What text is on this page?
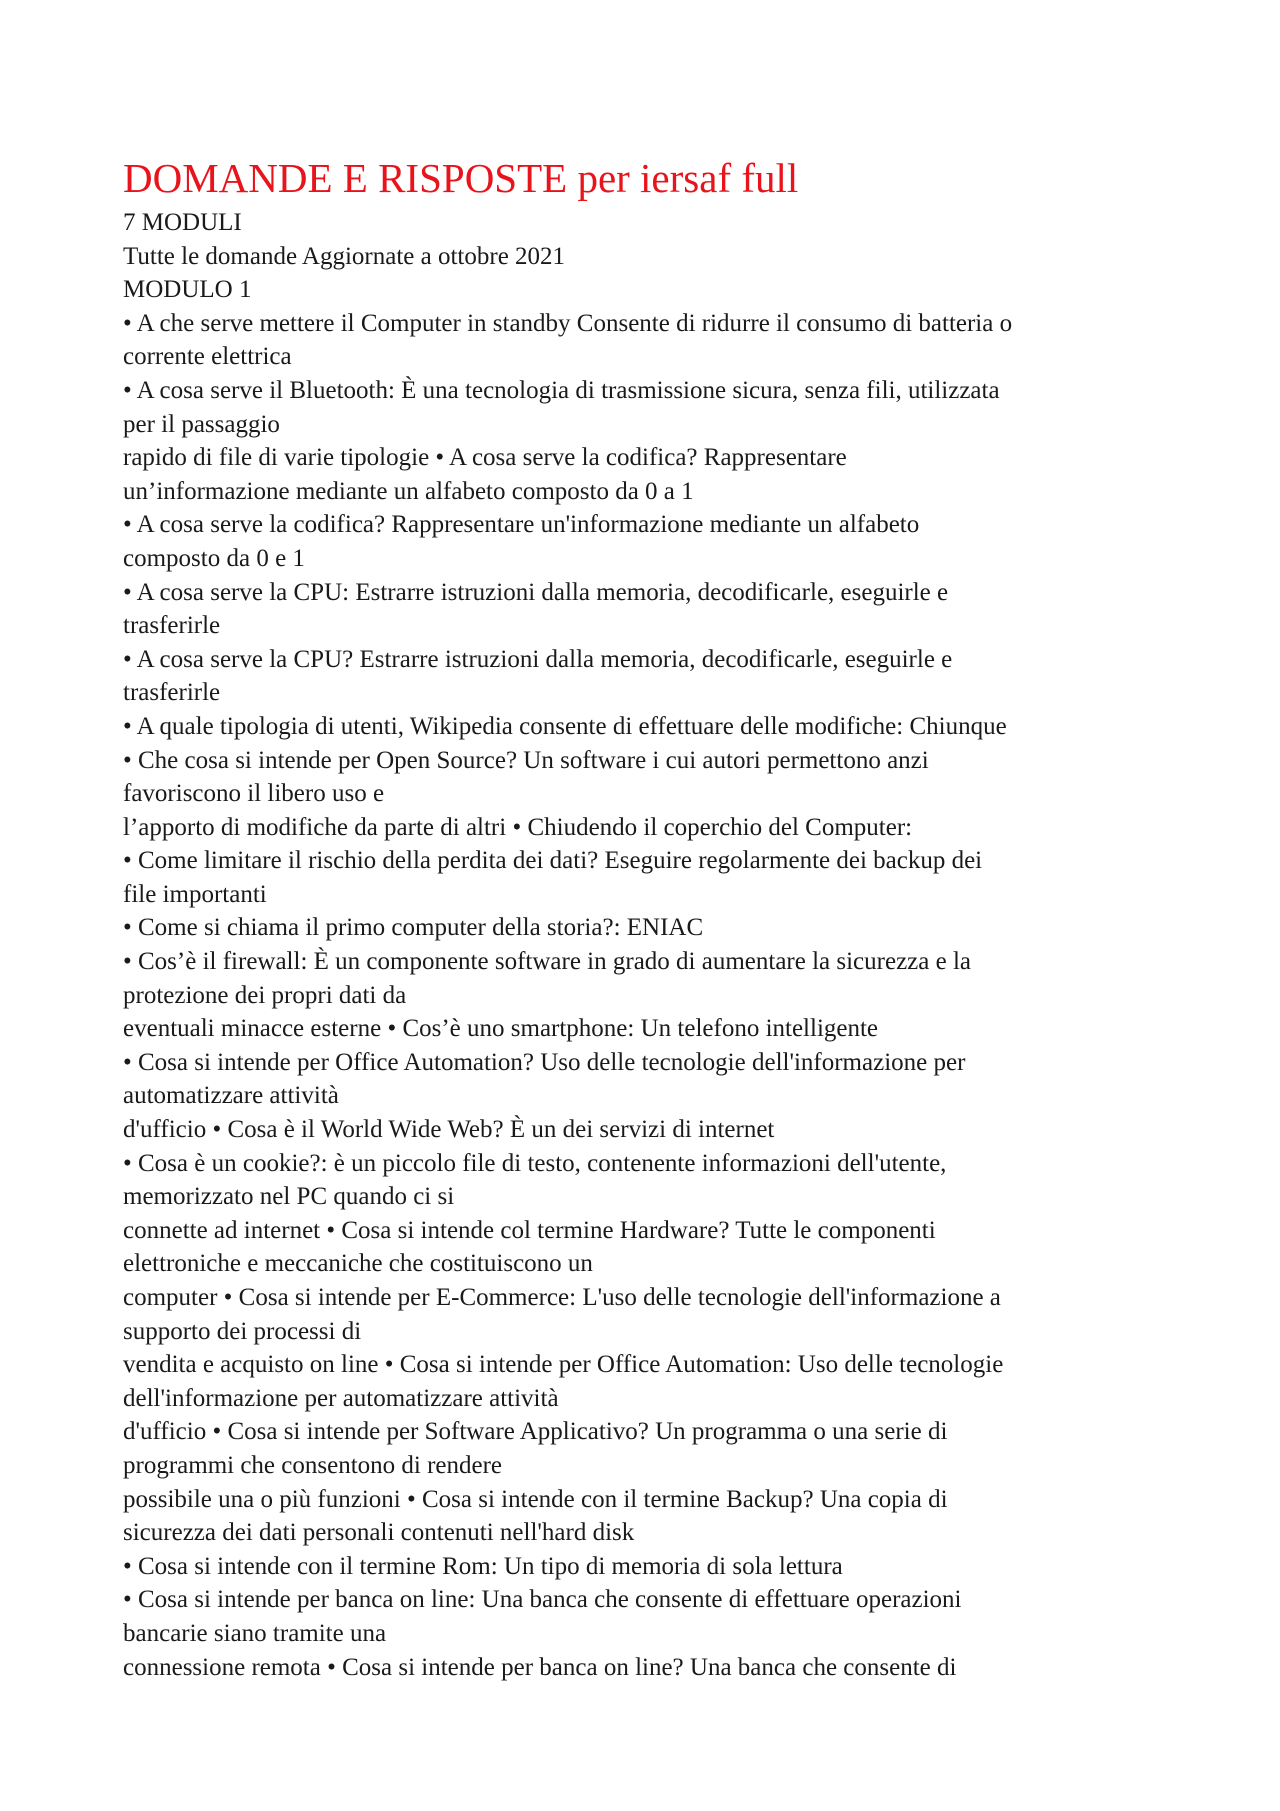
DOMANDE E RISPOSTE per iersaf full

7 MODULI

Tutte le domande Aggiornate a ottobre 2021

MODULO 1

• A che serve mettere il Computer in standby Consente di ridurre il consumo di batteria o

corrente elettrica

• A cosa serve il Bluetooth: È una tecnologia di trasmissione sicura, senza fili, utilizzata

per il passaggio

rapido di file di varie tipologie • A cosa serve la codifica? Rappresentare

un’informazione mediante un alfabeto composto da 0 a 1

• A cosa serve la codifica? Rappresentare un'informazione mediante un alfabeto

composto da 0 e 1

• A cosa serve la CPU: Estrarre istruzioni dalla memoria, decodificarle, eseguirle e

trasferirle

• A cosa serve la CPU? Estrarre istruzioni dalla memoria, decodificarle, eseguirle e

trasferirle

• A quale tipologia di utenti, Wikipedia consente di effettuare delle modifiche: Chiunque

• Che cosa si intende per Open Source? Un software i cui autori permettono anzi

favoriscono il libero uso e

l’apporto di modifiche da parte di altri • Chiudendo il coperchio del Computer:

• Come limitare il rischio della perdita dei dati? Eseguire regolarmente dei backup dei

file importanti

• Come si chiama il primo computer della storia?: ENIAC

• Cos’è il firewall: È un componente software in grado di aumentare la sicurezza e la

protezione dei propri dati da

eventuali minacce esterne • Cos’è uno smartphone: Un telefono intelligente

• Cosa si intende per Office Automation? Uso delle tecnologie dell'informazione per

automatizzare attività

d'ufficio • Cosa è il World Wide Web? È un dei servizi di internet

• Cosa è un cookie?: è un piccolo file di testo, contenente informazioni dell'utente,

memorizzato nel PC quando ci si

connette ad internet • Cosa si intende col termine Hardware? Tutte le componenti

elettroniche e meccaniche che costituiscono un

computer • Cosa si intende per E-Commerce: L'uso delle tecnologie dell'informazione a

supporto dei processi di

vendita e acquisto on line • Cosa si intende per Office Automation: Uso delle tecnologie

dell'informazione per automatizzare attività

d'ufficio • Cosa si intende per Software Applicativo? Un programma o una serie di

programmi che consentono di rendere

possibile una o più funzioni • Cosa si intende con il termine Backup? Una copia di

sicurezza dei dati personali contenuti nell'hard disk

• Cosa si intende con il termine Rom: Un tipo di memoria di sola lettura

• Cosa si intende per banca on line: Una banca che consente di effettuare operazioni

bancarie siano tramite una

connessione remota • Cosa si intende per banca on line? Una banca che consente di
